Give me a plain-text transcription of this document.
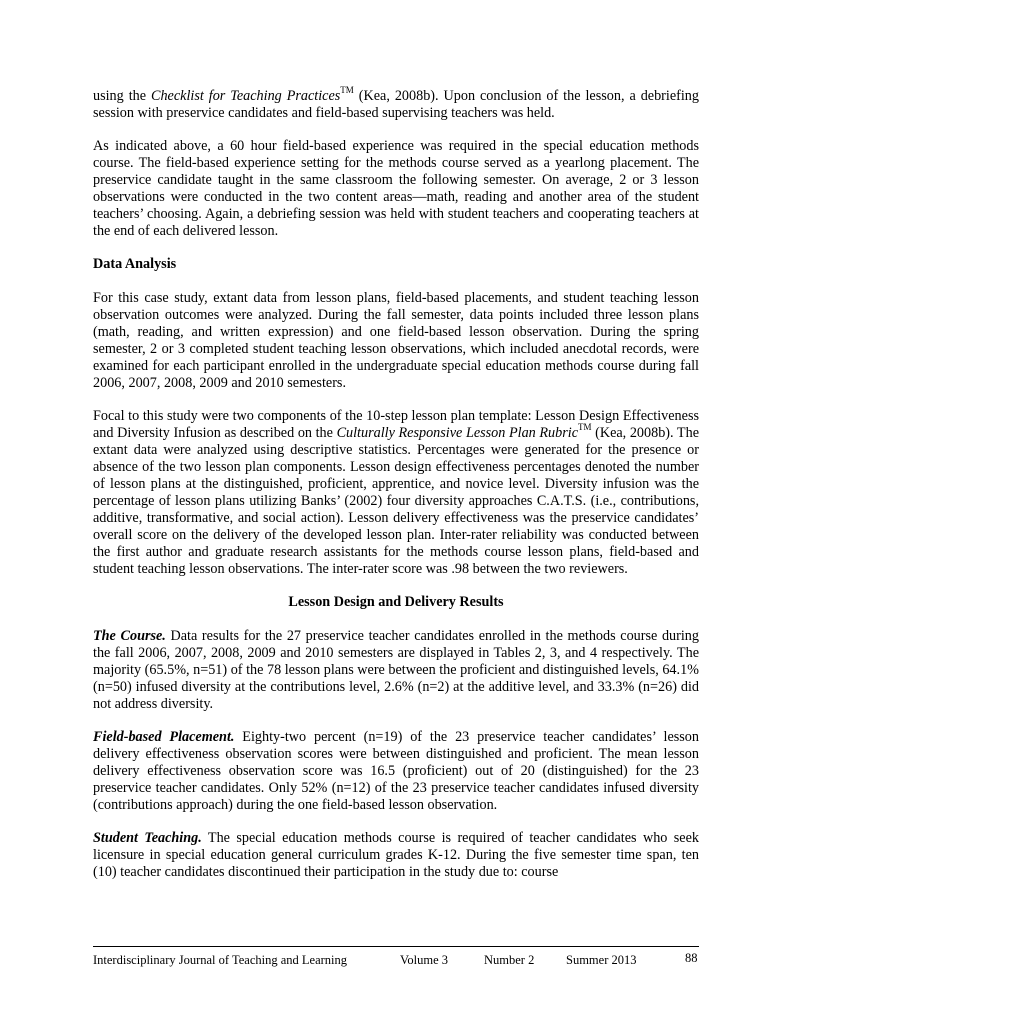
using the Checklist for Teaching Practices™ (Kea, 2008b). Upon conclusion of the lesson, a debriefing session with preservice candidates and field-based supervising teachers was held.

As indicated above, a 60 hour field-based experience was required in the special education methods course. The field-based experience setting for the methods course served as a yearlong placement. The preservice candidate taught in the same classroom the following semester. On average, 2 or 3 lesson observations were conducted in the two content areas—math, reading and another area of the student teachers’ choosing. Again, a debriefing session was held with student teachers and cooperating teachers at the end of each delivered lesson.

Data Analysis

For this case study, extant data from lesson plans, field-based placements, and student teaching lesson observation outcomes were analyzed. During the fall semester, data points included three lesson plans (math, reading, and written expression) and one field-based lesson observation. During the spring semester, 2 or 3 completed student teaching lesson observations, which included anecdotal records, were examined for each participant enrolled in the undergraduate special education methods course during fall 2006, 2007, 2008, 2009 and 2010 semesters.

Focal to this study were two components of the 10-step lesson plan template: Lesson Design Effectiveness and Diversity Infusion as described on the Culturally Responsive Lesson Plan Rubric™ (Kea, 2008b). The extant data were analyzed using descriptive statistics. Percentages were generated for the presence or absence of the two lesson plan components. Lesson design effectiveness percentages denoted the number of lesson plans at the distinguished, proficient, apprentice, and novice level. Diversity infusion was the percentage of lesson plans utilizing Banks’ (2002) four diversity approaches C.A.T.S. (i.e., contributions, additive, transformative, and social action). Lesson delivery effectiveness was the preservice candidates’ overall score on the delivery of the developed lesson plan. Inter-rater reliability was conducted between the first author and graduate research assistants for the methods course lesson plans, field-based and student teaching lesson observations. The inter-rater score was .98 between the two reviewers.

Lesson Design and Delivery Results

The Course. Data results for the 27 preservice teacher candidates enrolled in the methods course during the fall 2006, 2007, 2008, 2009 and 2010 semesters are displayed in Tables 2, 3, and 4 respectively. The majority (65.5%, n=51) of the 78 lesson plans were between the proficient and distinguished levels, 64.1% (n=50) infused diversity at the contributions level, 2.6% (n=2) at the additive level, and 33.3% (n=26) did not address diversity.

Field-based Placement. Eighty-two percent (n=19) of the 23 preservice teacher candidates’ lesson delivery effectiveness observation scores were between distinguished and proficient. The mean lesson delivery effectiveness observation score was 16.5 (proficient) out of 20 (distinguished) for the 23 preservice teacher candidates. Only 52% (n=12) of the 23 preservice teacher candidates infused diversity (contributions approach) during the one field-based lesson observation.

Student Teaching. The special education methods course is required of teacher candidates who seek licensure in special education general curriculum grades K-12. During the five semester time span, ten (10) teacher candidates discontinued their participation in the study due to: course

Interdisciplinary Journal of Teaching and Learning	Volume 3	Number 2	Summer 2013	88
